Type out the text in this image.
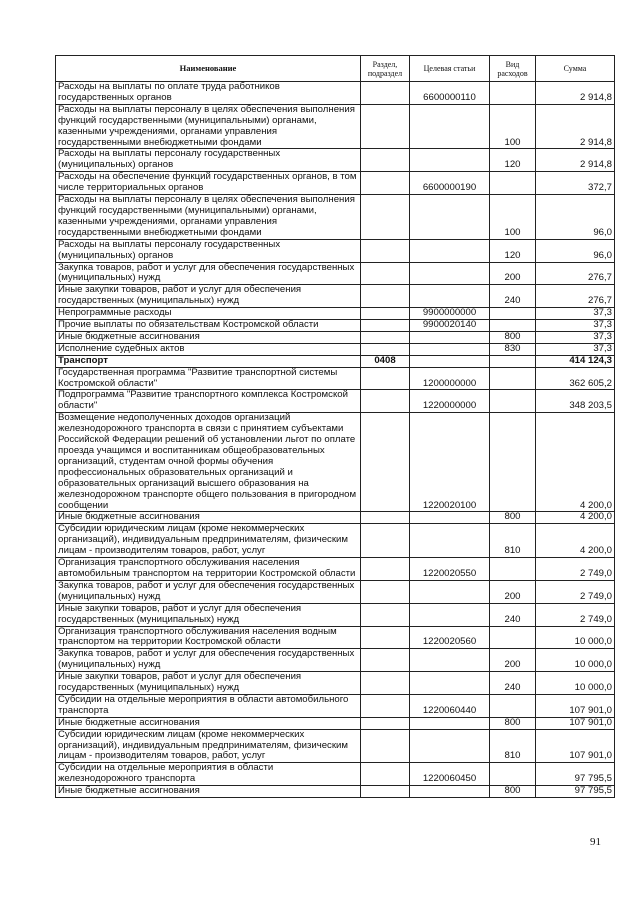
Наименование	Раздел, подраздел	Целевая статьи	Вид расходов	Сумма
Расходы на выплаты по оплате труда работников государственных органов		6600000110		2 914,8
Расходы на выплаты персоналу в целях обеспечения выполнения функций государственными (муниципальными) органами, казенными учреждениями, органами управления государственными внебюджетными фондами			100	2 914,8
Расходы на выплаты персоналу государственных (муниципальных) органов			120	2 914,8
Расходы на обеспечение функций государственных органов, в том числе территориальных органов		6600000190		372,7
Расходы на выплаты персоналу в целях обеспечения выполнения функций государственными (муниципальными) органами, казенными учреждениями, органами управления государственными внебюджетными фондами			100	96,0
Расходы на выплаты персоналу государственных (муниципальных) органов			120	96,0
Закупка товаров, работ и услуг для обеспечения государственных (муниципальных) нужд			200	276,7
Иные закупки товаров, работ и услуг для обеспечения государственных (муниципальных) нужд			240	276,7
Непрограммные расходы		9900000000		37,3
Прочие выплаты по обязательствам Костромской области		9900020140		37,3
Иные бюджетные ассигнования			800	37,3
Исполнение судебных актов			830	37,3
Транспорт	0408			414 124,3
Государственная программа "Развитие транспортной системы Костромской области"		1200000000		362 605,2
Подпрограмма "Развитие транспортного комплекса Костромской области"		1220000000		348 203,5
Возмещение недополученных доходов организаций железнодорожного транспорта в связи с принятием субъектами Российской Федерации решений об установлении льгот по оплате проезда учащимся и воспитанникам общеобразовательных организаций, студентам очной формы обучения профессиональных образовательных организаций и образовательных организаций высшего образования на железнодорожном транспорте общего пользования в пригородном сообщении		1220020100		4 200,0
Иные бюджетные ассигнования			800	4 200,0
Субсидии юридическим лицам (кроме некоммерческих организаций), индивидуальным предпринимателям, физическим лицам - производителям товаров, работ, услуг			810	4 200,0
Организация транспортного обслуживания населения автомобильным транспортом на территории Костромской области		1220020550		2 749,0
Закупка товаров, работ и услуг для обеспечения государственных (муниципальных) нужд			200	2 749,0
Иные закупки товаров, работ и услуг для обеспечения государственных (муниципальных) нужд			240	2 749,0
Организация транспортного обслуживания населения водным транспортом на территории Костромской области		1220020560		10 000,0
Закупка товаров, работ и услуг для обеспечения государственных (муниципальных) нужд			200	10 000,0
Иные закупки товаров, работ и услуг для обеспечения государственных (муниципальных) нужд			240	10 000,0
Субсидии на отдельные мероприятия в области автомобильного транспорта		1220060440		107 901,0
Иные бюджетные ассигнования			800	107 901,0
Субсидии юридическим лицам (кроме некоммерческих организаций), индивидуальным предпринимателям, физическим лицам - производителям товаров, работ, услуг			810	107 901,0
Субсидии на отдельные мероприятия в области железнодорожного транспорта		1220060450		97 795,5
Иные бюджетные ассигнования			800	97 795,5
91
